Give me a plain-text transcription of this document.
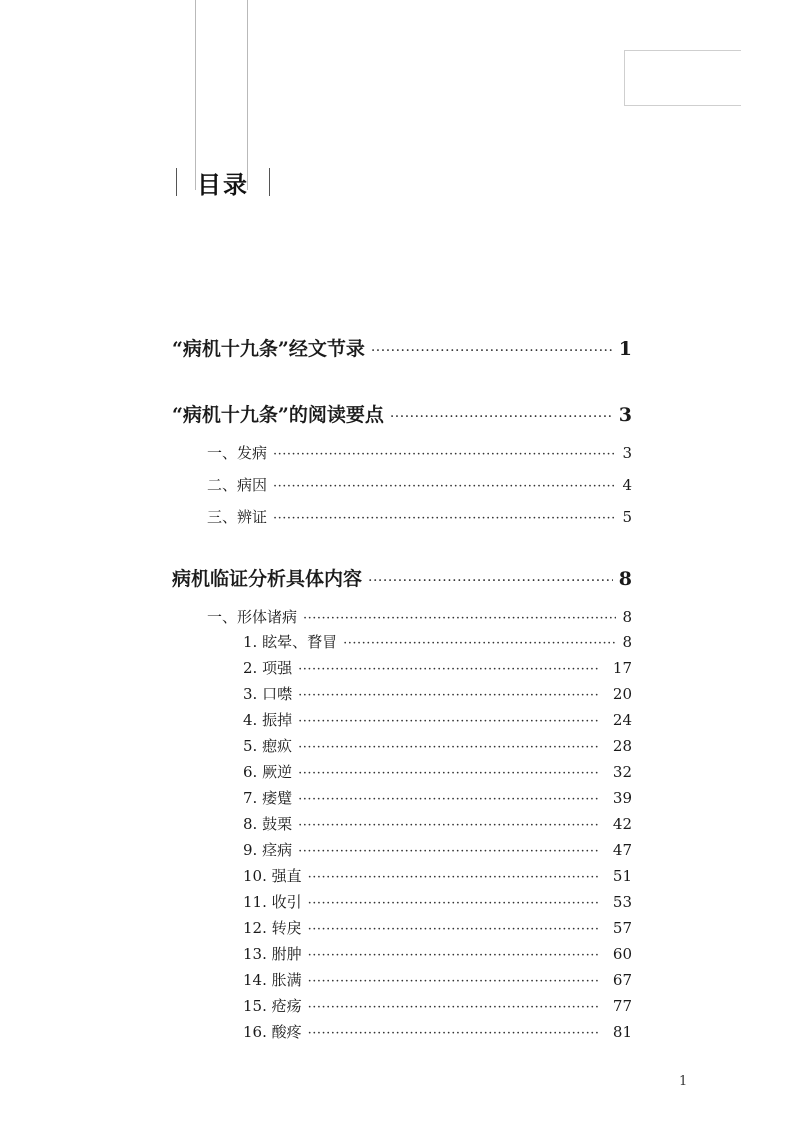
目录
“病机十九条”经文节录 ·····	1
“病机十九条”的阅读要点 ·····	3
一、发病 ·····	3
二、病因 ·····	4
三、辨证 ·····	5
病机临证分析具体内容 ·····	8
一、形体诸病 ·····	8
1. 眩晕、瞀冒 ·····	8
2. 项强 ·····	17
3. 口噤 ·····	20
4. 振掉 ·····	24
5. 瘛疭 ·····	28
6. 厥逆 ·····	32
7. 痿躄 ·····	39
8. 鼓栗 ·····	42
9. 痉病 ·····	47
10. 强直 ·····	51
11. 收引 ·····	53
12. 转戾 ·····	57
13. 胕肿 ·····	60
14. 胀满 ·····	67
15. 疮疡 ·····	77
16. 酸疼 ·····	81
1
